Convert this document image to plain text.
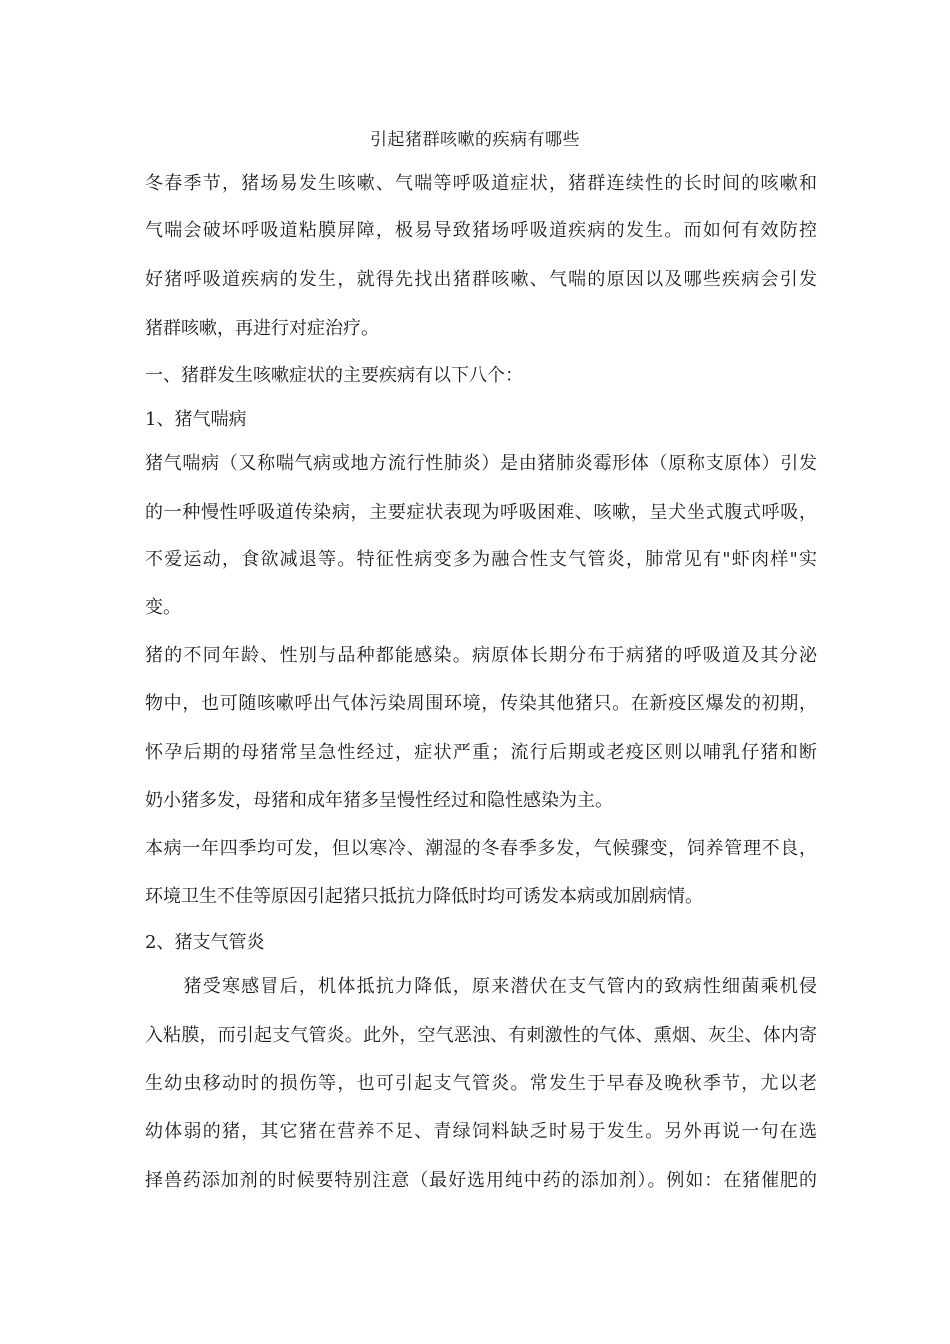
引起猪群咳嗽的疾病有哪些
冬春季节，猪场易发生咳嗽、气喘等呼吸道症状，猪群连续性的长时间的咳嗽和
气喘会破坏呼吸道粘膜屏障，极易导致猪场呼吸道疾病的发生。而如何有效防控
好猪呼吸道疾病的发生，就得先找出猪群咳嗽、气喘的原因以及哪些疾病会引发
猪群咳嗽，再进行对症治疗。
一、猪群发生咳嗽症状的主要疾病有以下八个：
1、猪气喘病
猪气喘病（又称喘气病或地方流行性肺炎）是由猪肺炎霉形体（原称支原体）引发
的一种慢性呼吸道传染病，主要症状表现为呼吸困难、咳嗽，呈犬坐式腹式呼吸，
不爱运动，食欲减退等。特征性病变多为融合性支气管炎，肺常见有"虾肉样"实
变。
猪的不同年龄、性别与品种都能感染。病原体长期分布于病猪的呼吸道及其分泌
物中，也可随咳嗽呼出气体污染周围环境，传染其他猪只。在新疫区爆发的初期，
怀孕后期的母猪常呈急性经过，症状严重；流行后期或老疫区则以哺乳仔猪和断
奶小猪多发，母猪和成年猪多呈慢性经过和隐性感染为主。
本病一年四季均可发，但以寒冷、潮湿的冬春季多发，气候骤变，饲养管理不良，
环境卫生不佳等原因引起猪只抵抗力降低时均可诱发本病或加剧病情。
2、猪支气管炎
　　猪受寒感冒后，机体抵抗力降低，原来潜伏在支气管内的致病性细菌乘机侵
入粘膜，而引起支气管炎。此外，空气恶浊、有刺激性的气体、熏烟、灰尘、体内寄
生幼虫移动时的损伤等，也可引起支气管炎。常发生于早春及晚秋季节，尤以老
幼体弱的猪，其它猪在营养不足、青绿饲料缺乏时易于发生。另外再说一句在选
择兽药添加剂的时候要特别注意（最好选用纯中药的添加剂）。例如：在猪催肥的
